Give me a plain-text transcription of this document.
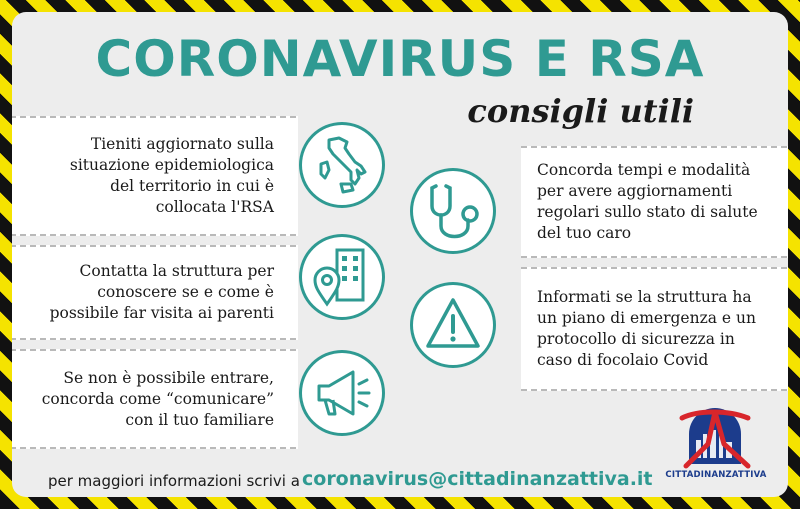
CORONAVIRUS E RSA
consigli utili
Tieniti aggiornato sulla
situazione epidemiologica
del territorio in cui è
collocata l'RSA
Contatta la struttura per
conoscere se e come è
possibile far visita ai parenti
Se non è possibile entrare,
concorda come “comunicare”
con il tuo familiare
Concorda tempi e modalità
per avere aggiornamenti
regolari sullo stato di salute
del tuo caro
Informati se la struttura ha
un piano di emergenza e un
protocollo di sicurezza in
caso di focolaio Covid
per maggiori informazioni scrivi a coronavirus@cittadinanzattiva.it CITTADINANZATTIVA
